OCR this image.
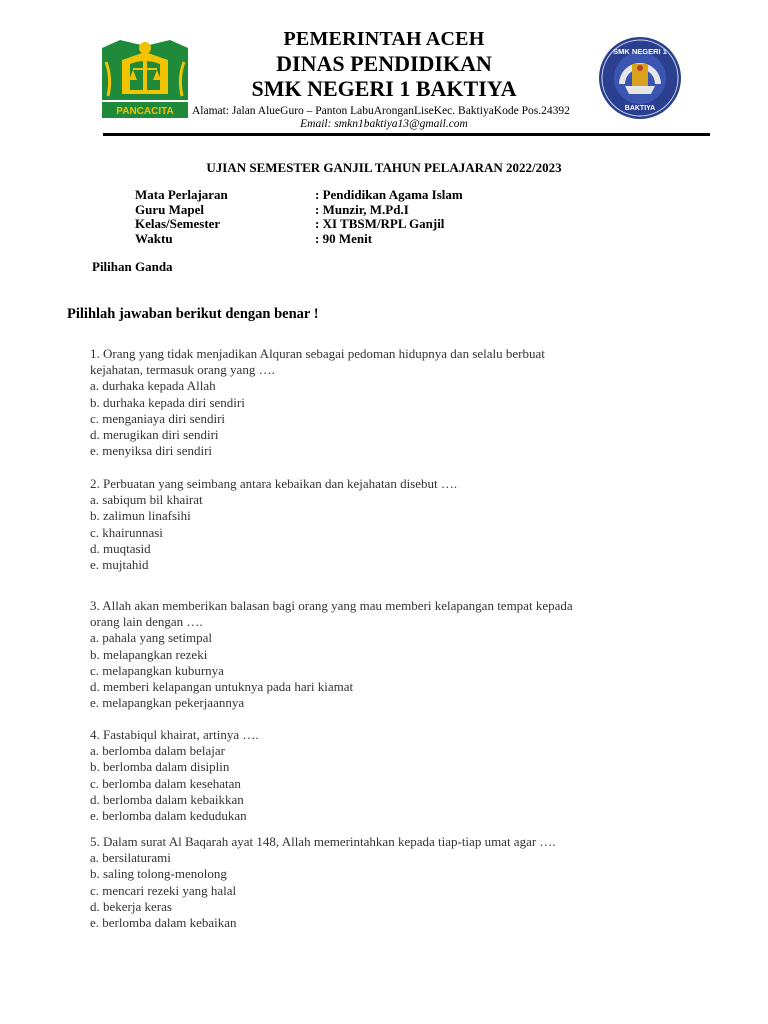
PANCACITA
PEMERINTAH ACEH
DINAS PENDIDIKAN
SMK NEGERI 1 BAKTIYA
Alamat: Jalan AlueGuro – Panton LabuAronganLiseKec. BaktiyaKode Pos.24392
Email: smkn1baktiya13@gmail.com
SMK NEGERI 1
BAKTIYA
UJIAN SEMESTER GANJIL TAHUN PELAJARAN 2022/2023
Mata Perlajaran	: Pendidikan Agama Islam
Guru Mapel	: Munzir, M.Pd.I
Kelas/Semester	: XI TBSM/RPL Ganjil
Waktu	: 90 Menit
Pilihan Ganda
Pilihlah jawaban berikut dengan benar !
1. Orang yang tidak menjadikan Alquran sebagai pedoman hidupnya dan selalu berbuat
kejahatan, termasuk orang yang ….
a. durhaka kepada Allah
b. durhaka kepada diri sendiri
c. menganiaya diri sendiri
d. merugikan diri sendiri
e. menyiksa diri sendiri
2. Perbuatan yang seimbang antara kebaikan dan kejahatan disebut ….
a. sabiqum bil khairat
b. zalimun linafsihi
c. khairunnasi
d. muqtasid
e. mujtahid
3. Allah akan memberikan balasan bagi orang yang mau memberi kelapangan tempat kepada
orang lain dengan ….
a. pahala yang setimpal
b. melapangkan rezeki
c. melapangkan kuburnya
d. memberi kelapangan untuknya pada hari kiamat
e. melapangkan pekerjaannya
4. Fastabiqul khairat, artinya ….
a. berlomba dalam belajar
b. berlomba dalam disiplin
c. berlomba dalam kesehatan
d. berlomba dalam kebaikkan
e. berlomba dalam kedudukan
5. Dalam surat Al Baqarah ayat 148, Allah memerintahkan kepada tiap-tiap umat agar ….
a. bersilaturami
b. saling tolong-menolong
c. mencari rezeki yang halal
d. bekerja keras
e. berlomba dalam kebaikan
